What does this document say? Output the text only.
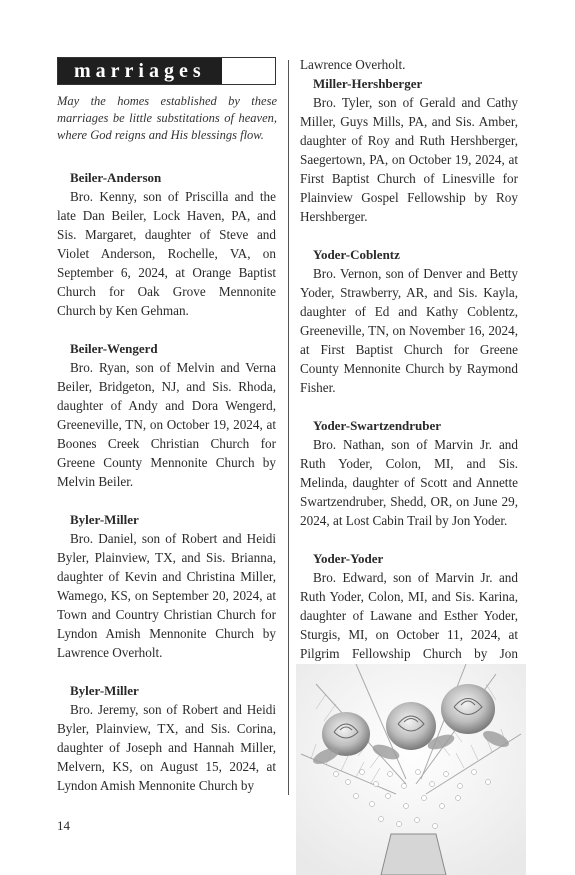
marriages
May the homes established by these marriages be little substitations of heaven, where God reigns and His blessings flow.
Beiler-Anderson
Bro. Kenny, son of Priscilla and the late Dan Beiler, Lock Haven, PA, and Sis. Margaret, daughter of Steve and Violet Anderson, Rochelle, VA, on September 6, 2024, at Orange Baptist Church for Oak Grove Mennonite Church by Ken Gehman.
Beiler-Wengerd
Bro. Ryan, son of Melvin and Verna Beiler, Bridgeton, NJ, and Sis. Rhoda, daughter of Andy and Dora Wengerd, Greeneville, TN, on October 19, 2024, at Boones Creek Christian Church for Greene County Mennonite Church by Melvin Beiler.
Byler-Miller
Bro. Daniel, son of Robert and Heidi Byler, Plainview, TX, and Sis. Brianna, daughter of Kevin and Christina Miller, Wamego, KS, on September 20, 2024, at Town and Country Christian Church for Lyndon Amish Mennonite Church by Lawrence Overholt.
Byler-Miller
Bro. Jeremy, son of Robert and Heidi Byler, Plainview, TX, and Sis. Corina, daughter of Joseph and Hannah Miller, Melvern, KS, on August 15, 2024, at Lyndon Amish Mennonite Church by
Lawrence Overholt.
Miller-Hershberger
Bro. Tyler, son of Gerald and Cathy Miller, Guys Mills, PA, and Sis. Amber, daughter of Roy and Ruth Hershberger, Saegertown, PA, on October 19, 2024, at First Baptist Church of Linesville for Plainview Gospel Fellowship by Roy Hershberger.
Yoder-Coblentz
Bro. Vernon, son of Denver and Betty Yoder, Strawberry, AR, and Sis. Kayla, daughter of Ed and Kathy Coblentz, Greeneville, TN, on November 16, 2024, at First Baptist Church for Greene County Mennonite Church by Raymond Fisher.
Yoder-Swartzendruber
Bro. Nathan, son of Marvin Jr. and Ruth Yoder, Colon, MI, and Sis. Melinda, daughter of Scott and Annette Swartzendruber, Shedd, OR, on June 29, 2024, at Lost Cabin Trail by Jon Yoder.
Yoder-Yoder
Bro. Edward, son of Marvin Jr. and Ruth Yoder, Colon, MI, and Sis. Karina, daughter of Lawane and Esther Yoder, Sturgis, MI, on October 11, 2024, at Pilgrim Fellowship Church by Jon
14
